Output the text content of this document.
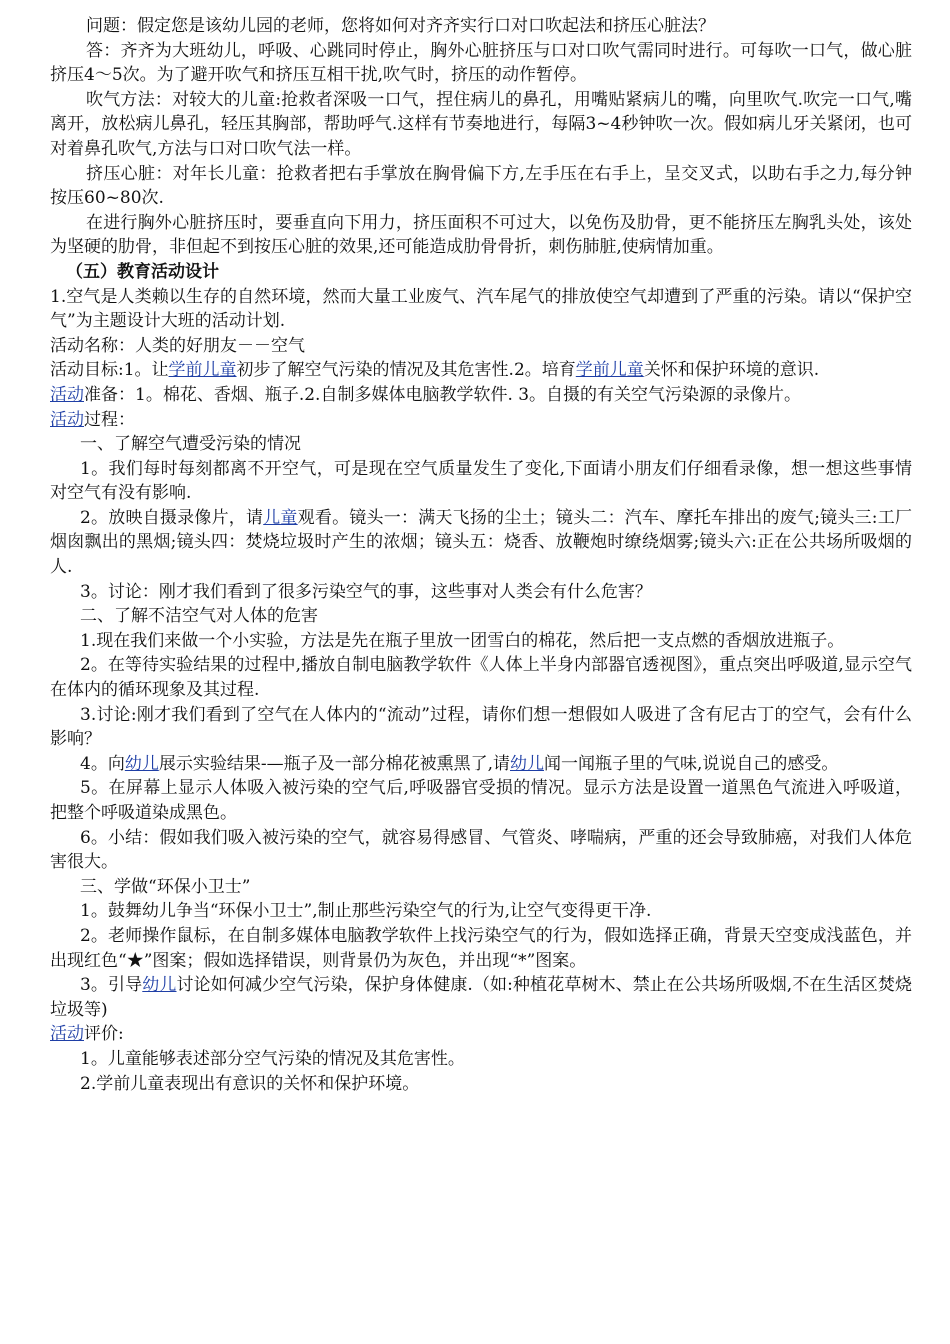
问题：假定您是该幼儿园的老师，您将如何对齐齐实行口对口吹起法和挤压心脏法？

答：齐齐为大班幼儿，呼吸、心跳同时停止，胸外心脏挤压与口对口吹气需同时进行。可每吹一口气，做心脏挤压4～5次。为了避开吹气和挤压互相干扰,吹气时，挤压的动作暂停。

吹气方法：对较大的儿童:抢救者深吸一口气，捏住病儿的鼻孔，用嘴贴紧病儿的嘴，向里吹气.吹完一口气,嘴离开，放松病儿鼻孔，轻压其胸部，帮助呼气.这样有节奏地进行，每隔3~4秒钟吹一次。假如病儿牙关紧闭，也可对着鼻孔吹气,方法与口对口吹气法一样。

挤压心脏：对年长儿童：抢救者把右手掌放在胸骨偏下方,左手压在右手上，呈交叉式，以助右手之力,每分钟按压60~80次.

在进行胸外心脏挤压时，要垂直向下用力，挤压面积不可过大，以免伤及肋骨，更不能挤压左胸乳头处，该处为坚硬的肋骨，非但起不到按压心脏的效果,还可能造成肋骨骨折，刺伤肺脏,使病情加重。

（五）教育活动设计

1.空气是人类赖以生存的自然环境，然而大量工业废气、汽车尾气的排放使空气却遭到了严重的污染。请以“保护空气”为主题设计大班的活动计划.

活动名称：人类的好朋友－－空气

活动目标:1。让学前儿童初步了解空气污染的情况及其危害性.2。培育学前儿童关怀和保护环境的意识.

活动准备：1。棉花、香烟、瓶子.2.自制多媒体电脑教学软件. 3。自摄的有关空气污染源的录像片。

活动过程：

一、了解空气遭受污染的情况

1。我们每时每刻都离不开空气，可是现在空气质量发生了变化,下面请小朋友们仔细看录像，想一想这些事情对空气有没有影响.

2。放映自摄录像片，请儿童观看。镜头一：满天飞扬的尘土；镜头二：汽车、摩托车排出的废气;镜头三:工厂烟囱飘出的黑烟;镜头四：焚烧垃圾时产生的浓烟；镜头五：烧香、放鞭炮时缭绕烟雾;镜头六:正在公共场所吸烟的人.

3。讨论：刚才我们看到了很多污染空气的事，这些事对人类会有什么危害？

二、了解不洁空气对人体的危害

1.现在我们来做一个小实验，方法是先在瓶子里放一团雪白的棉花，然后把一支点燃的香烟放进瓶子。

2。在等待实验结果的过程中,播放自制电脑教学软件《人体上半身内部器官透视图》，重点突出呼吸道,显示空气在体内的循环现象及其过程.

3.讨论:刚才我们看到了空气在人体内的“流动”过程，请你们想一想假如人吸进了含有尼古丁的空气，会有什么影响？

4。向幼儿展示实验结果-—瓶子及一部分棉花被熏黑了,请幼儿闻一闻瓶子里的气味,说说自己的感受。

5。在屏幕上显示人体吸入被污染的空气后,呼吸器官受损的情况。显示方法是设置一道黑色气流进入呼吸道，把整个呼吸道染成黑色。

6。小结：假如我们吸入被污染的空气，就容易得感冒、气管炎、哮喘病，严重的还会导致肺癌，对我们人体危害很大。

三、学做“环保小卫士”

1。鼓舞幼儿争当“环保小卫士”,制止那些污染空气的行为,让空气变得更干净.

2。老师操作鼠标，在自制多媒体电脑教学软件上找污染空气的行为，假如选择正确，背景天空变成浅蓝色，并出现红色“★”图案；假如选择错误，则背景仍为灰色，并出现“*”图案。

3。引导幼儿讨论如何减少空气污染，保护身体健康.（如:种植花草树木、禁止在公共场所吸烟,不在生活区焚烧垃圾等)

活动评价:

1。儿童能够表述部分空气污染的情况及其危害性。

2.学前儿童表现出有意识的关怀和保护环境。
